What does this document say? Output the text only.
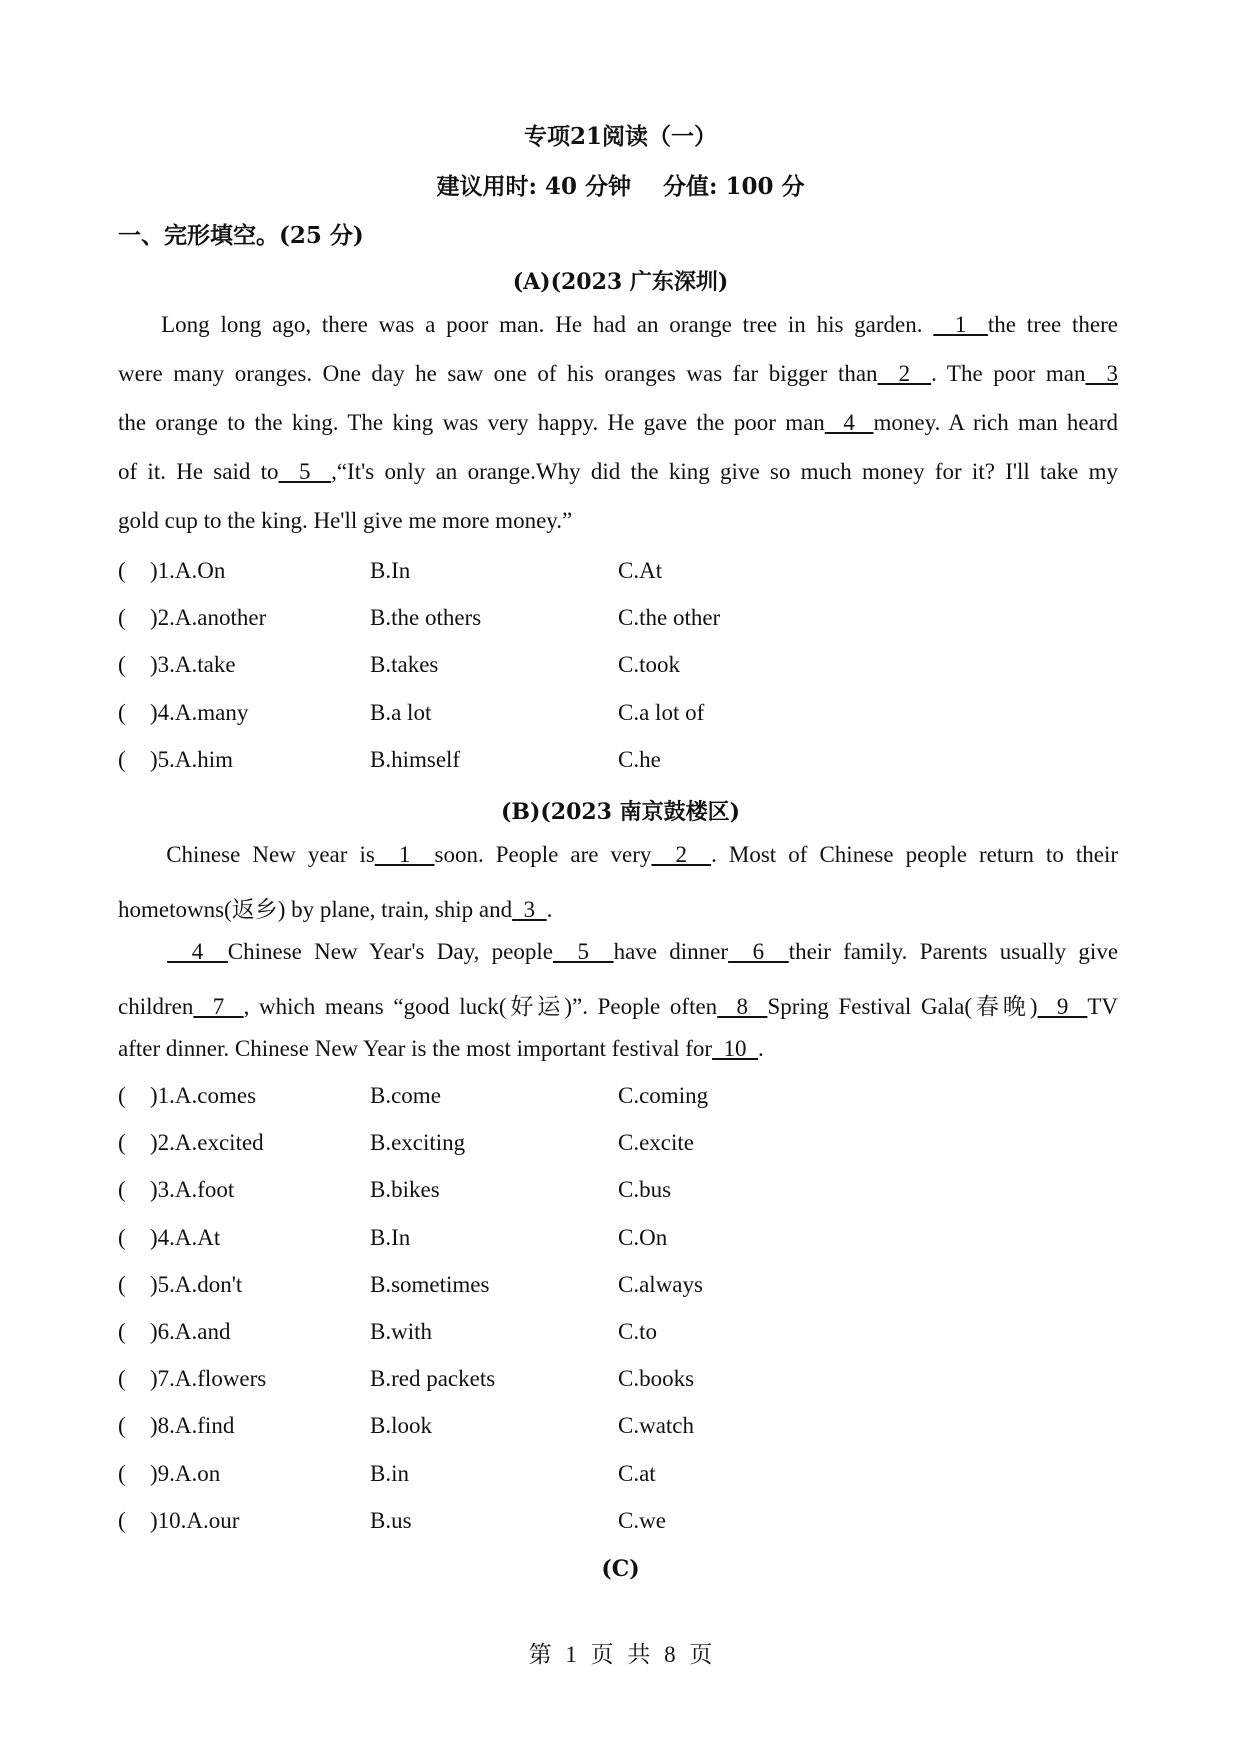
专项21阅读（一）
建议用时: 40 分钟    分值: 100 分
一、完形填空。(25 分)
(A)(2023 广东深圳)
Long long ago, there was a poor man. He had an orange tree in his garden.   1  the tree there
were many oranges. One day he saw one of his oranges was far bigger than  2  . The poor man  3
the orange to the king. The king was very happy. He gave the poor man  4  money. A rich man heard
of it. He said to  5  ,“It's only an orange.Why did the king give so much money for it? I'll take my
gold cup to the king. He'll give me more money.”
( )1.A.On	B.In	C.At
( )2.A.another	B.the others	C.the other
( )3.A.take	B.takes	C.took
( )4.A.many	B.a lot	C.a lot of
( )5.A.him	B.himself	C.he
(B)(2023 南京鼓楼区)
Chinese New year is  1  soon. People are very  2  . Most of Chinese people return to their
hometowns(返乡) by plane, train, ship and  3  .
4  Chinese New Year's Day, people  5  have dinner  6  their family. Parents usually give
children  7  , which means “good luck(好运)”. People often  8  Spring Festival Gala(春晚)  9  TV
after dinner. Chinese New Year is the most important festival for  10  .
( )1.A.comes	B.come	C.coming
( )2.A.excited	B.exciting	C.excite
( )3.A.foot	B.bikes	C.bus
( )4.A.At	B.In	C.On
( )5.A.don't	B.sometimes	C.always
( )6.A.and	B.with	C.to
( )7.A.flowers	B.red packets	C.books
( )8.A.find	B.look	C.watch
( )9.A.on	B.in	C.at
( )10.A.our	B.us	C.we
(C)
第 1 页 共 8 页
